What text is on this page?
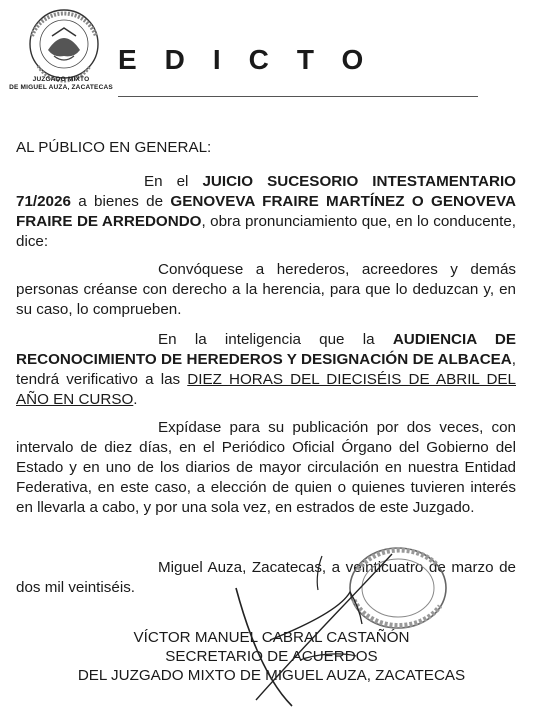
JUZGADO MIXTO
DE MIGUEL AUZA, ZACATECAS
EDICTO
AL PÚBLICO EN GENERAL:
En el JUICIO SUCESORIO INTESTAMENTARIO 71/2026 a bienes de GENOVEVA FRAIRE MARTÍNEZ O GENOVEVA FRAIRE DE ARREDONDO, obra pronunciamiento que, en lo conducente, dice:
Convóquese a herederos, acreedores y demás personas créanse con derecho a la herencia, para que lo deduzcan y, en su caso, lo comprueben.
En la inteligencia que la AUDIENCIA DE RECONOCIMIENTO DE HEREDEROS Y DESIGNACIÓN DE ALBACEA, tendrá verificativo a las DIEZ HORAS DEL DIECISÉIS DE ABRIL DEL AÑO EN CURSO.
Expídase para su publicación por dos veces, con intervalo de diez días, en el Periódico Oficial Órgano del Gobierno del Estado y en uno de los diarios de mayor circulación en nuestra Entidad Federativa, en este caso, a elección de quien o quienes tuvieren interés en llevarla a cabo, y por una sola vez, en estrados de este Juzgado.
Miguel Auza, Zacatecas, a veinticuatro de marzo de dos mil veintiséis.
VÍCTOR MANUEL CABRAL CASTAÑÓN
SECRETARIO DE ACUERDOS
DEL JUZGADO MIXTO DE MIGUEL AUZA, ZACATECAS
